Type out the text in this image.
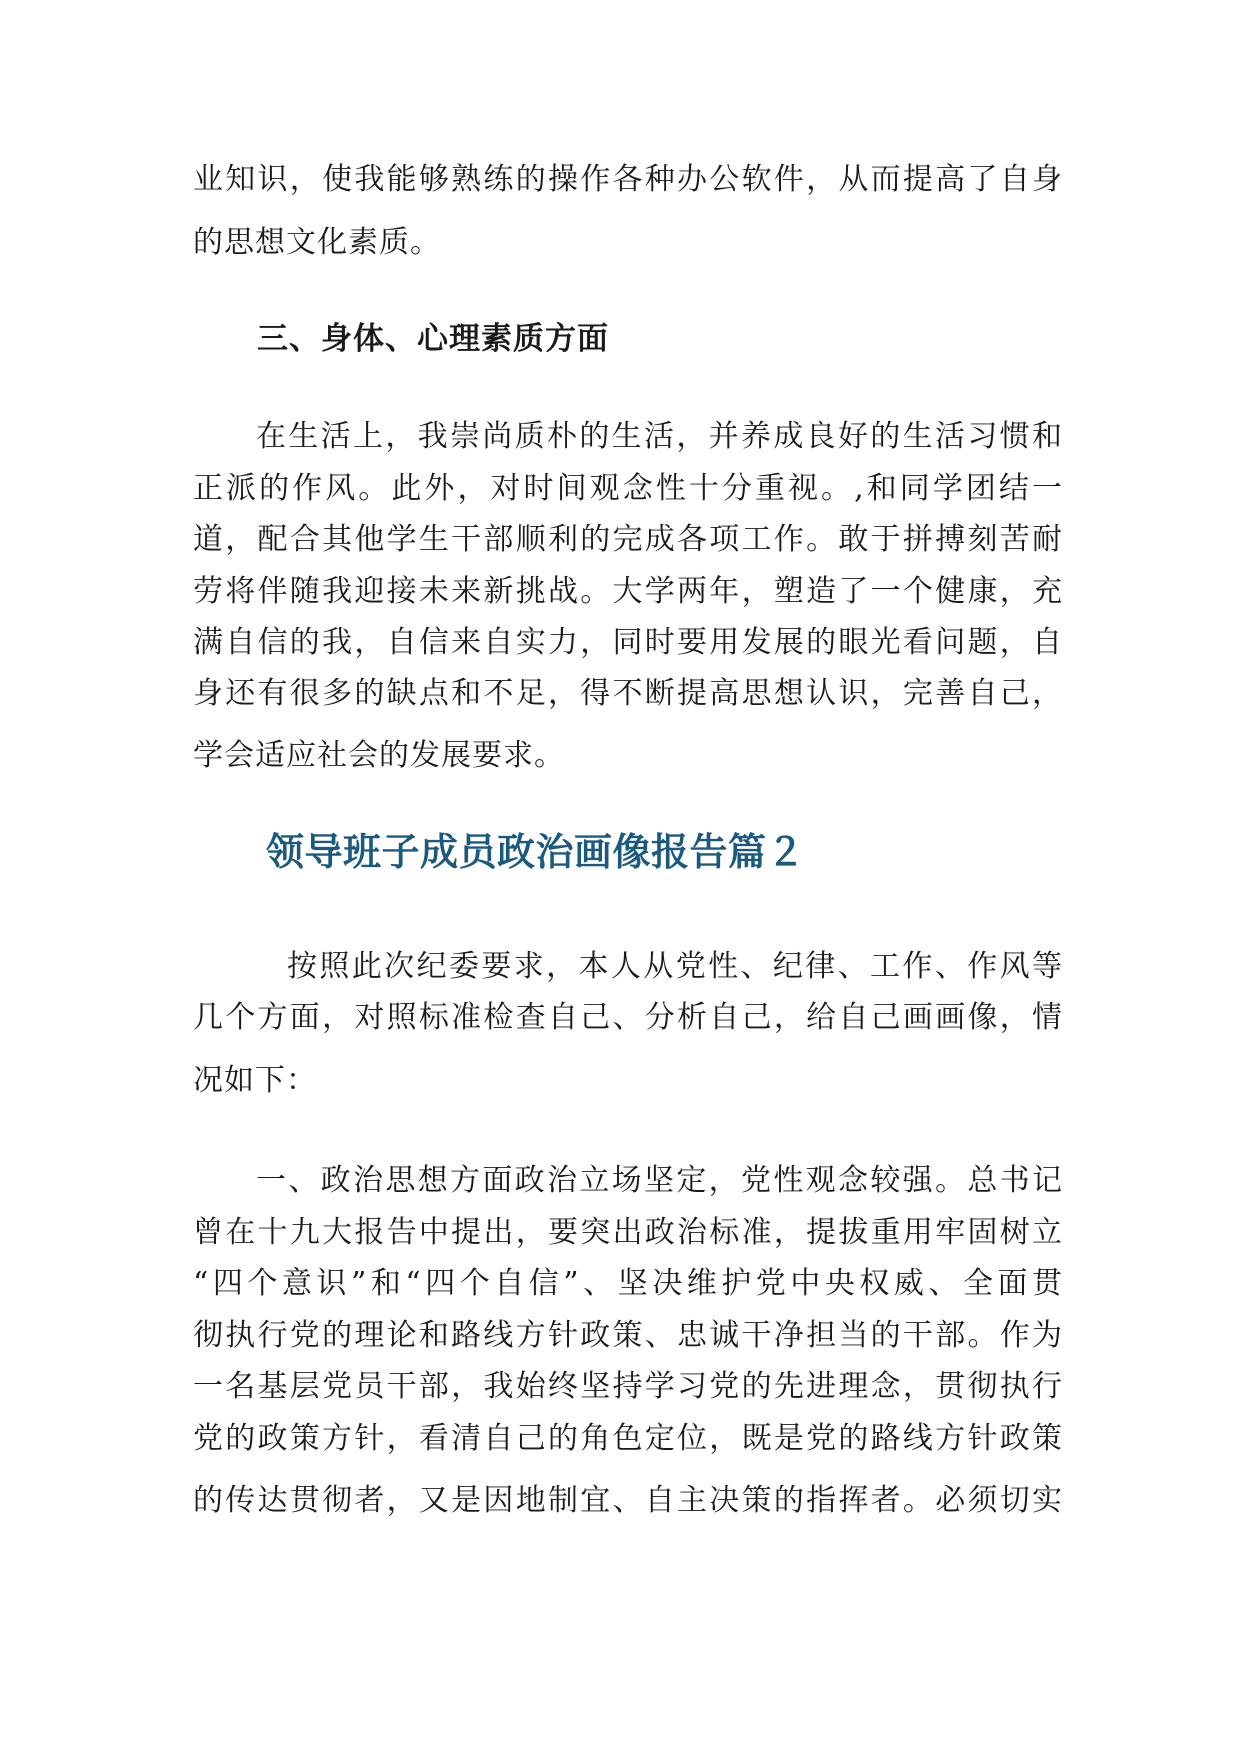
业知识，使我能够熟练的操作各种办公软件，从而提高了自身
的思想文化素质。
三、身体、心理素质方面
在生活上，我崇尚质朴的生活，并养成良好的生活习惯和
正派的作风。此外，对时间观念性十分重视。,和同学团结一
道，配合其他学生干部顺利的完成各项工作。敢于拼搏刻苦耐
劳将伴随我迎接未来新挑战。大学两年，塑造了一个健康，充
满自信的我，自信来自实力，同时要用发展的眼光看问题，自
身还有很多的缺点和不足，得不断提高思想认识，完善自己，
学会适应社会的发展要求。
领导班子成员政治画像报告篇２
按照此次纪委要求，本人从党性、纪律、工作、作风等
几个方面，对照标准检查自己、分析自己，给自己画画像，情
况如下：
一、政治思想方面政治立场坚定，党性观念较强。总书记
曾在十九大报告中提出，要突出政治标准，提拔重用牢固树立
“四个意识”和“四个自信”、坚决维护党中央权威、全面贯
彻执行党的理论和路线方针政策、忠诚干净担当的干部。作为
一名基层党员干部，我始终坚持学习党的先进理念，贯彻执行
党的政策方针，看清自己的角色定位，既是党的路线方针政策
的传达贯彻者，又是因地制宜、自主决策的指挥者。必须切实
